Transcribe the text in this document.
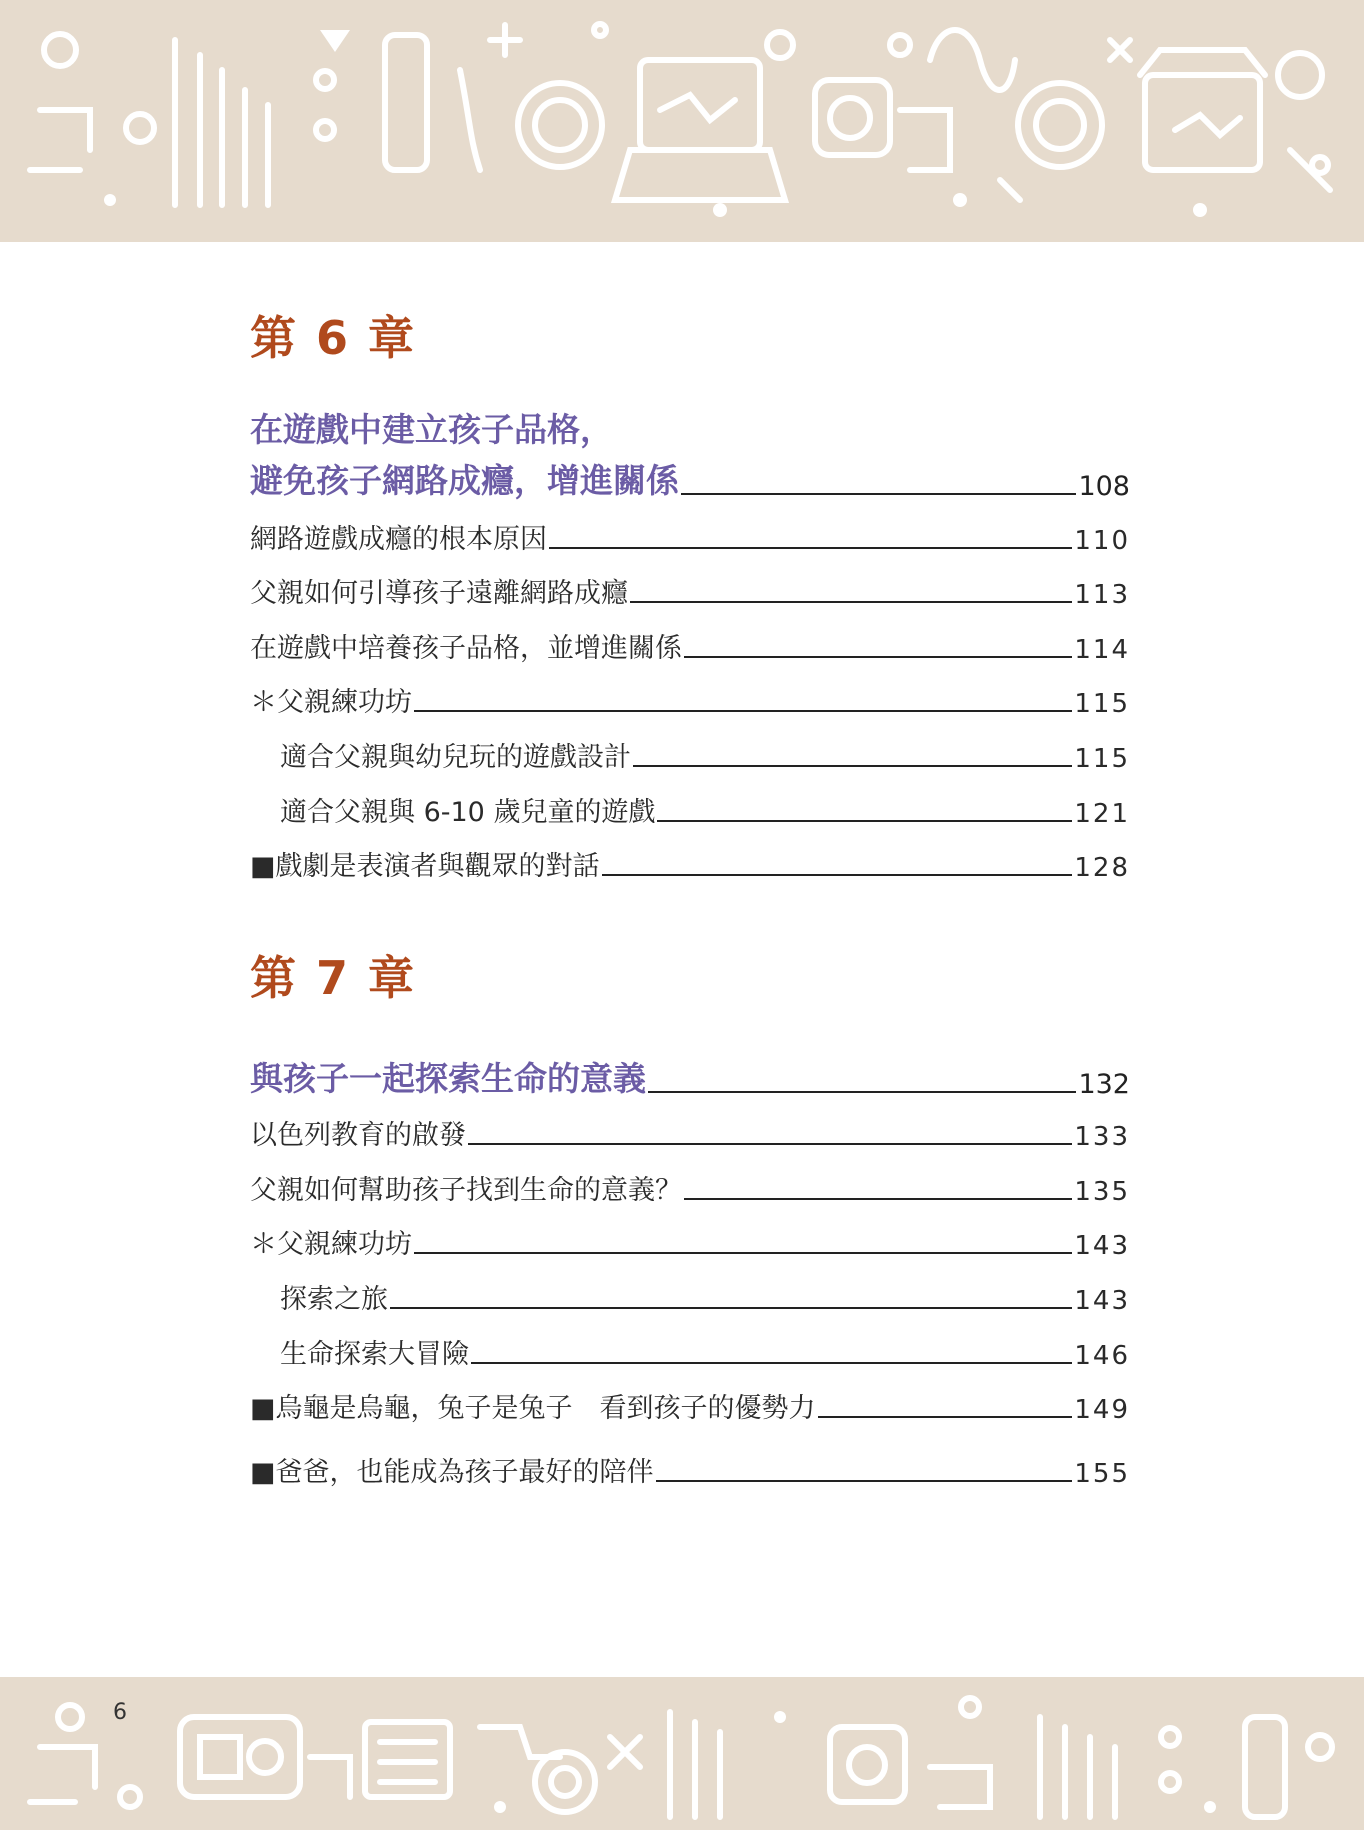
第 6 章
在遊戲中建立孩子品格，
避免孩子網路成癮，增進關係	108
網路遊戲成癮的根本原因	110
父親如何引導孩子遠離網路成癮	113
在遊戲中培養孩子品格，並增進關係	114
＊父親練功坊	115
適合父親與幼兒玩的遊戲設計	115
適合父親與 6-10 歲兒童的遊戲	121
■戲劇是表演者與觀眾的對話	128
第 7 章
與孩子一起探索生命的意義	132
以色列教育的啟發	133
父親如何幫助孩子找到生命的意義？	135
＊父親練功坊	143
探索之旅	143
生命探索大冒險	146
■烏龜是烏龜，兔子是兔子　看到孩子的優勢力	149
■爸爸，也能成為孩子最好的陪伴	155
6
